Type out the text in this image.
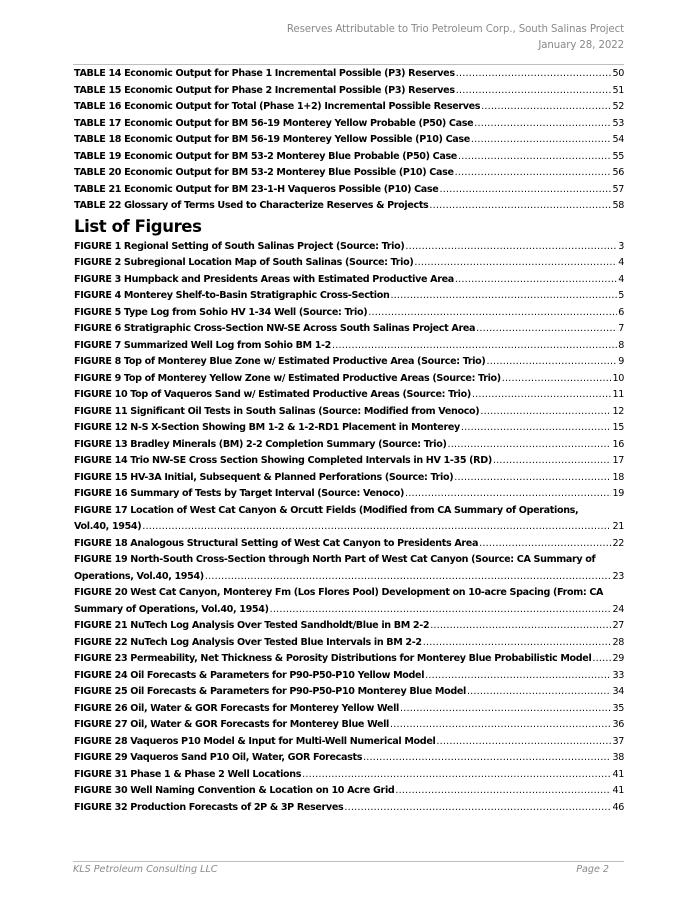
Reserves Attributable to Trio Petroleum Corp., South Salinas Project
January 28, 2022
TABLE 14 Economic Output for Phase 1 Incremental Possible (P3) Reserves .....	50
TABLE 15 Economic Output for Phase 2 Incremental Possible (P3) Reserves .....	51
TABLE 16 Economic Output for Total (Phase 1+2) Incremental Possible Reserves .....	52
TABLE 17 Economic Output for BM 56-19 Monterey Yellow Probable (P50) Case .....	53
TABLE 18 Economic Output for BM 56-19 Monterey Yellow Possible (P10) Case .....	54
TABLE 19 Economic Output for BM 53-2 Monterey Blue Probable (P50) Case .....	55
TABLE 20 Economic Output for BM 53-2 Monterey Blue Possible (P10) Case .....	56
TABLE 21 Economic Output for BM 23-1-H Vaqueros Possible (P10) Case .....	57
TABLE 22 Glossary of Terms Used to Characterize Reserves & Projects .....	58
List of Figures
FIGURE 1 Regional Setting of South Salinas Project (Source: Trio) .....	3
FIGURE 2 Subregional Location Map of South Salinas (Source: Trio) .....	4
FIGURE 3 Humpback and Presidents Areas with Estimated Productive Area .....	4
FIGURE 4 Monterey Shelf-to-Basin Stratigraphic Cross-Section .....	5
FIGURE 5 Type Log from Sohio HV 1-34 Well (Source: Trio) .....	6
FIGURE 6 Stratigraphic Cross-Section NW-SE Across South Salinas Project Area .....	7
FIGURE 7 Summarized Well Log from Sohio BM 1-2 .....	8
FIGURE 8 Top of Monterey Blue Zone w/ Estimated Productive Area (Source: Trio) .....	9
FIGURE 9 Top of Monterey Yellow Zone w/ Estimated Productive Areas (Source: Trio) .....	10
FIGURE 10 Top of Vaqueros Sand w/ Estimated Productive Areas (Source: Trio) .....	11
FIGURE 11 Significant Oil Tests in South Salinas (Source: Modified from Venoco) .....	12
FIGURE 12 N-S X-Section Showing BM 1-2 & 1-2-RD1 Placement in Monterey .....	15
FIGURE 13 Bradley Minerals (BM) 2-2 Completion Summary (Source: Trio) .....	16
FIGURE 14 Trio NW-SE Cross Section Showing Completed Intervals in HV 1-35 (RD) .....	17
FIGURE 15 HV-3A Initial, Subsequent & Planned Perforations (Source: Trio) .....	18
FIGURE 16 Summary of Tests by Target Interval (Source: Venoco) .....	19
FIGURE 17 Location of West Cat Canyon & Orcutt Fields (Modified from CA Summary of Operations,
Vol.40, 1954) .....	21
FIGURE 18 Analogous Structural Setting of West Cat Canyon to Presidents Area .....	22
FIGURE 19 North-South Cross-Section through North Part of West Cat Canyon (Source: CA Summary of
Operations, Vol.40, 1954) .....	23
FIGURE 20 West Cat Canyon, Monterey Fm (Los Flores Pool) Development on 10-acre Spacing (From: CA
Summary of Operations, Vol.40, 1954) .....	24
FIGURE 21 NuTech Log Analysis Over Tested Sandholdt/Blue in BM 2-2 .....	27
FIGURE 22 NuTech Log Analysis Over Tested Blue Intervals in BM 2-2 .....	28
FIGURE 23 Permeability, Net Thickness & Porosity Distributions for Monterey Blue Probabilistic Model ..... 29
FIGURE 24 Oil Forecasts & Parameters for P90-P50-P10 Yellow Model .....	33
FIGURE 25 Oil Forecasts & Parameters for P90-P50-P10 Monterey Blue Model .....	34
FIGURE 26 Oil, Water & GOR Forecasts for Monterey Yellow Well .....	35
FIGURE 27 Oil, Water & GOR Forecasts for Monterey Blue Well .....	36
FIGURE 28 Vaqueros P10 Model & Input for Multi-Well Numerical Model .....	37
FIGURE 29 Vaqueros Sand P10 Oil, Water, GOR Forecasts .....	38
FIGURE 31 Phase 1 & Phase 2 Well Locations .....	41
FIGURE 30 Well Naming Convention & Location on 10 Acre Grid .....	41
FIGURE 32 Production Forecasts of 2P & 3P Reserves .....	46
KLS Petroleum Consulting LLC	Page 2
